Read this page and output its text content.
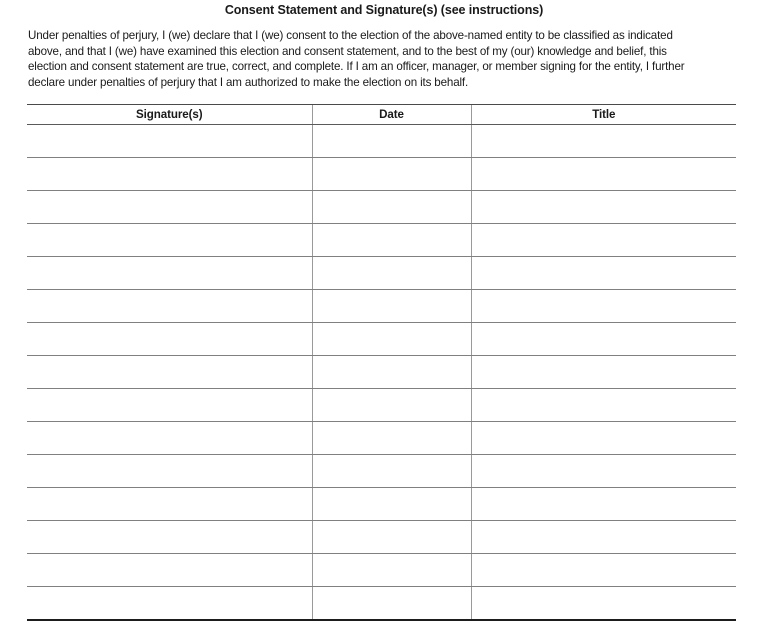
Consent Statement and Signature(s) (see instructions)
Under penalties of perjury, I (we) declare that I (we) consent to the election of the above-named entity to be classified as indicated
above, and that I (we) have examined this election and consent statement, and to the best of my (our) knowledge and belief, this
election and consent statement are true, correct, and complete. If I am an officer, manager, or member signing for the entity, I further
declare under penalties of perjury that I am authorized to make the election on its behalf.
Signature(s)	Date	Title
